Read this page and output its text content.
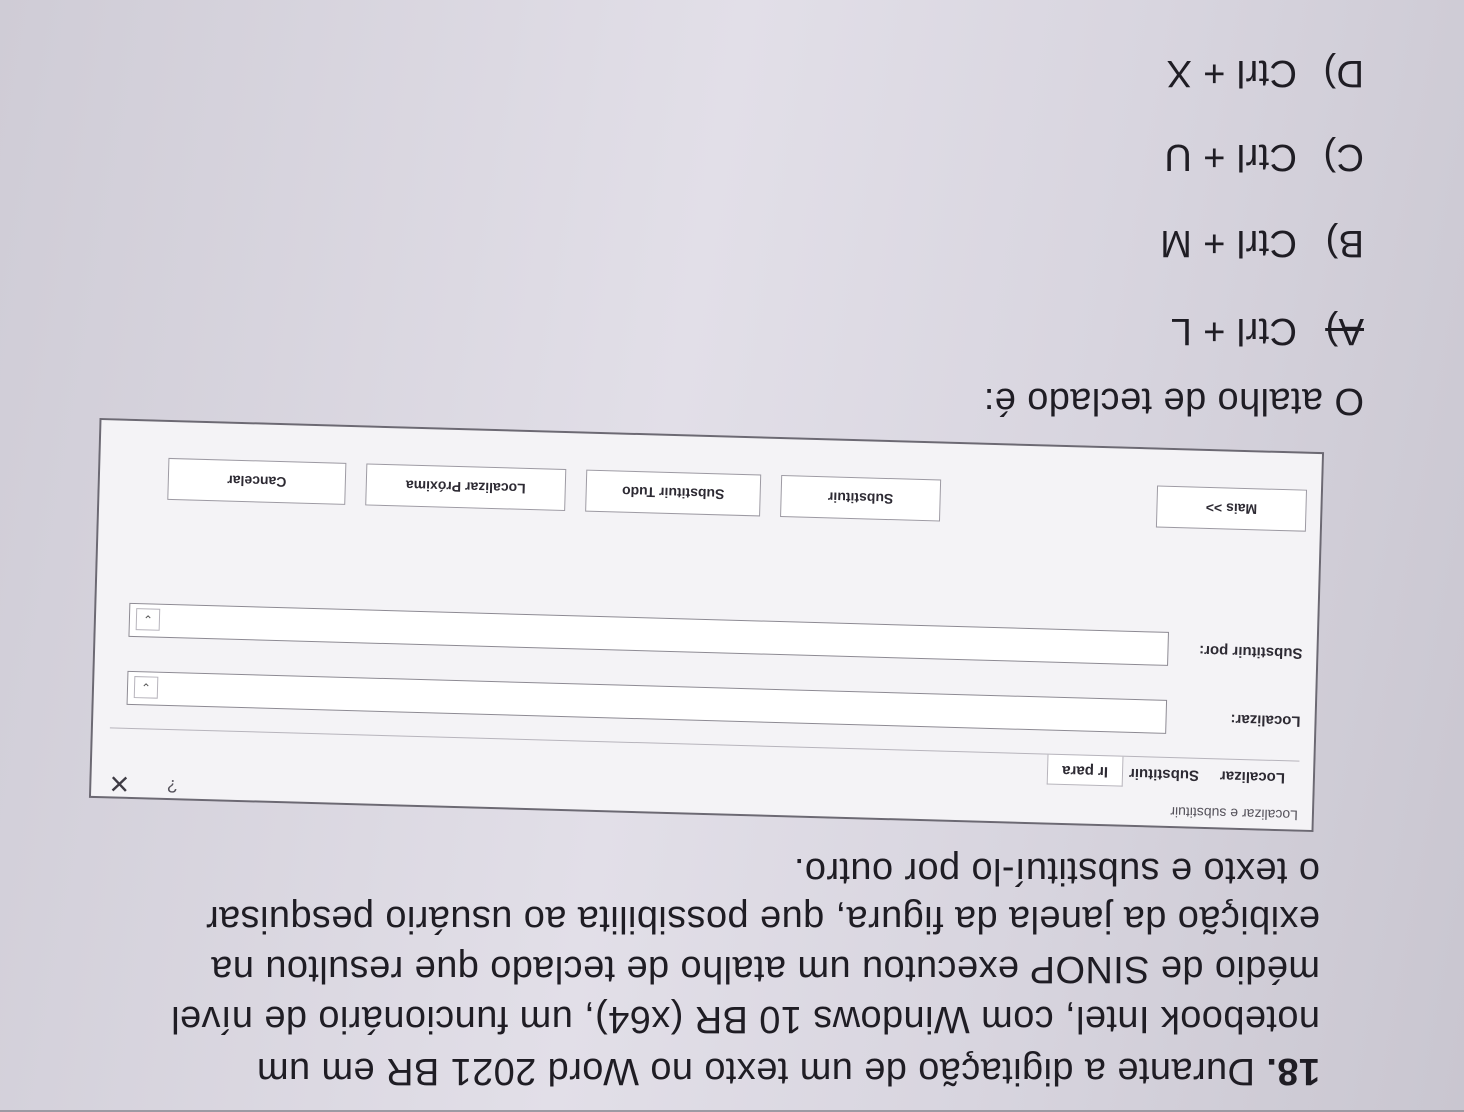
18. Durante a digitação de um texto no Word 2021 BR em um
notebook Intel, com Windows 10 BR (x64), um funcionário de nível
médio de SINOP executou um atalho de teclado que resultou na
exibição da janela da figura, que possibilita ao usuário pesquisar
o texto e substituí-lo por outro.
Localizar e substituir
?
×	Localizar
Substituir
Ir para
Localizar:
⌄
Substituir por:
⌄
Mais >>
Substituir
Substituir Tudo
Localizar Próxima
Cancelar
O atalho de teclado é:
A) Ctrl + L
B) Ctrl + M
C) Ctrl + U
D) Ctrl + X
